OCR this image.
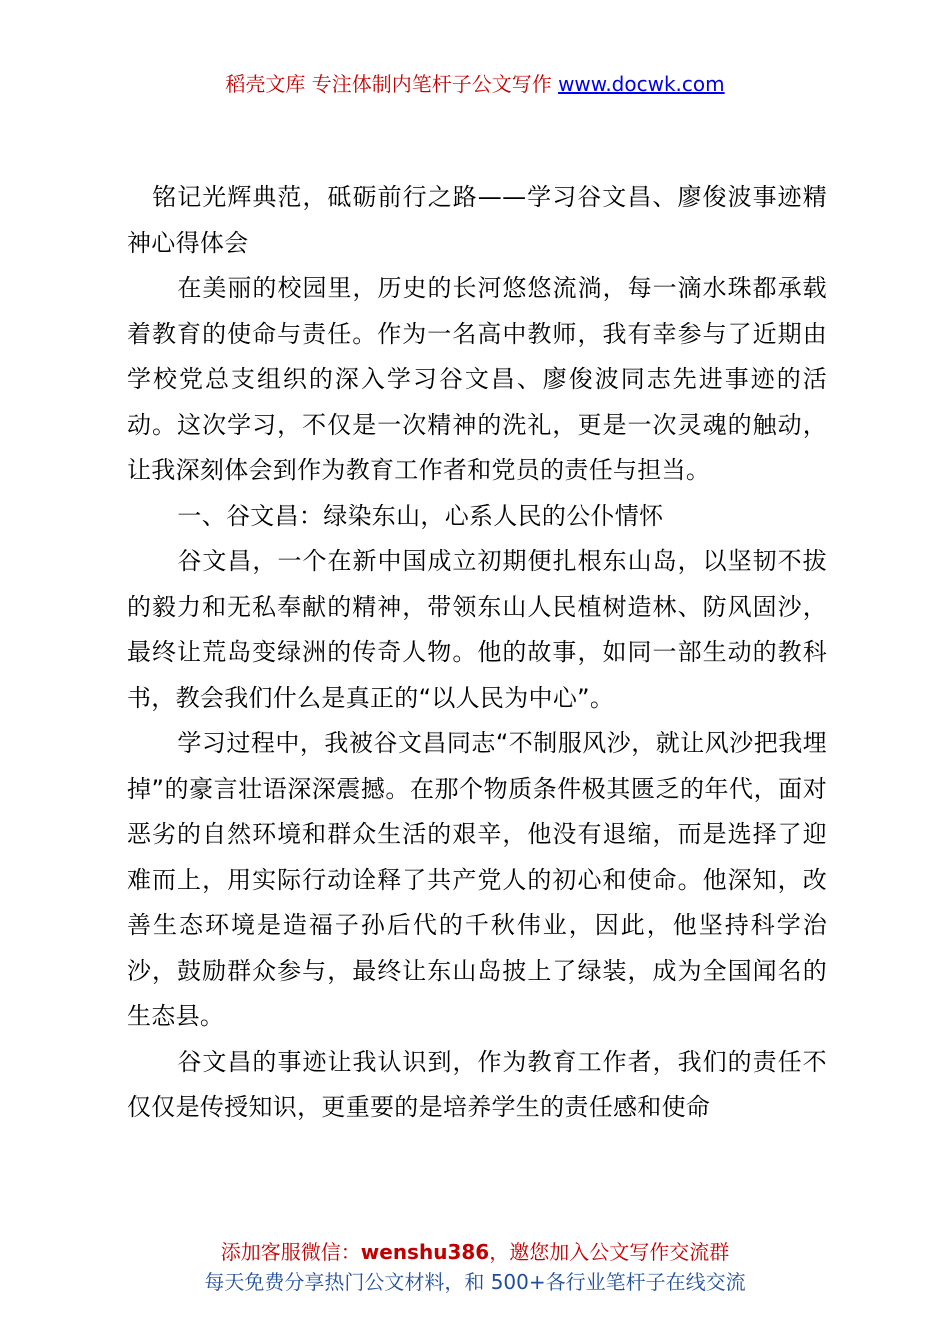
稻壳文库 专注体制内笔杆子公文写作 www.docwk.com

铭记光辉典范，砥砺前行之路——学习谷文昌、廖俊波事迹精神心得体会

在美丽的校园里，历史的长河悠悠流淌，每一滴水珠都承载着教育的使命与责任。作为一名高中教师，我有幸参与了近期由学校党总支组织的深入学习谷文昌、廖俊波同志先进事迹的活动。这次学习，不仅是一次精神的洗礼，更是一次灵魂的触动，让我深刻体会到作为教育工作者和党员的责任与担当。

一、谷文昌：绿染东山，心系人民的公仆情怀

谷文昌，一个在新中国成立初期便扎根东山岛，以坚韧不拔的毅力和无私奉献的精神，带领东山人民植树造林、防风固沙，最终让荒岛变绿洲的传奇人物。他的故事，如同一部生动的教科书，教会我们什么是真正的“以人民为中心”。

学习过程中，我被谷文昌同志“不制服风沙，就让风沙把我埋掉”的豪言壮语深深震撼。在那个物质条件极其匮乏的年代，面对恶劣的自然环境和群众生活的艰辛，他没有退缩，而是选择了迎难而上，用实际行动诠释了共产党人的初心和使命。他深知，改善生态环境是造福子孙后代的千秋伟业，因此，他坚持科学治沙，鼓励群众参与，最终让东山岛披上了绿装，成为全国闻名的生态县。

谷文昌的事迹让我认识到，作为教育工作者，我们的责任不仅仅是传授知识，更重要的是培养学生的责任感和使命

添加客服微信：wenshu386，邀您加入公文写作交流群
每天免费分享热门公文材料，和 500+各行业笔杆子在线交流
